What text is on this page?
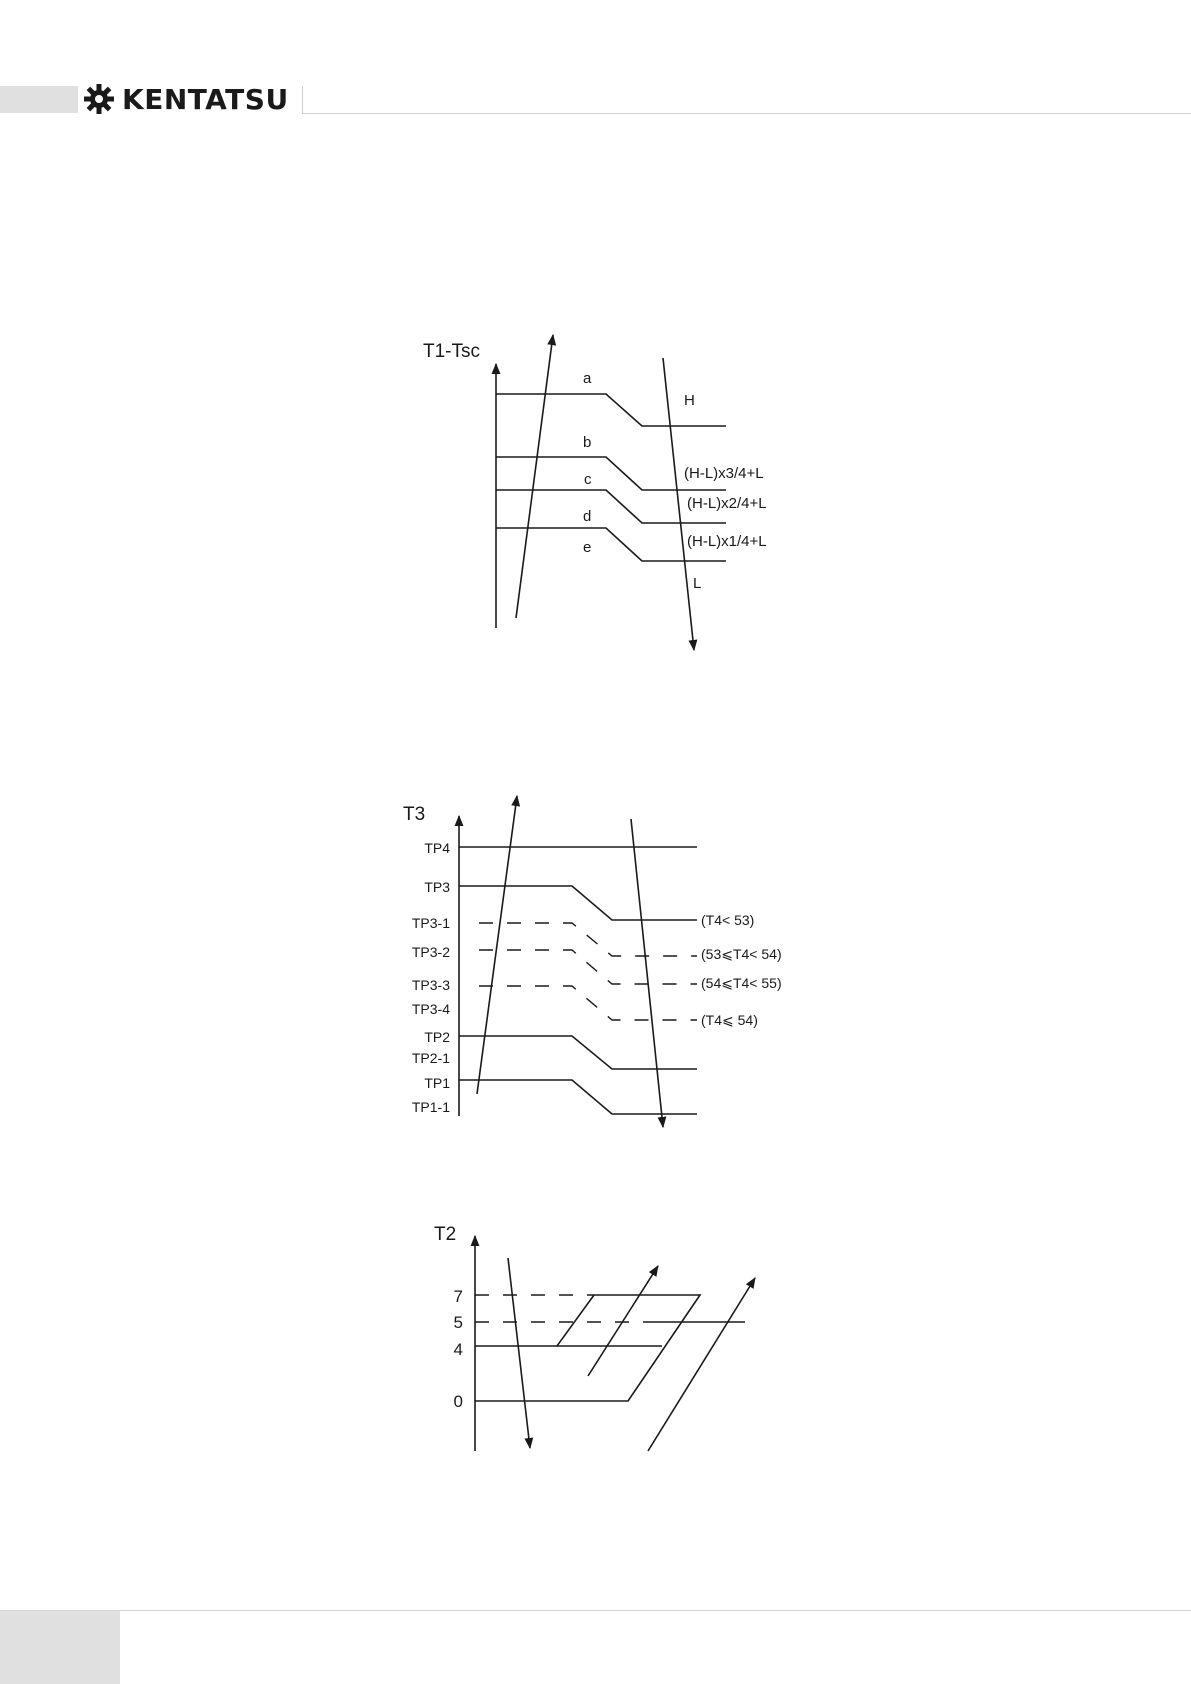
KENTATSU
T1-Tsc
a
b
c
d
e
H
(H-L)x3/4+L
(H-L)x2/4+L
(H-L)x1/4+L
L
T3
TP4
TP3
TP3-1
TP3-2
TP3-3
TP3-4
TP2
TP2-1
TP1
TP1-1
(T4< 53)
(53⩽T4< 54)
(54⩽T4< 55)
(T4⩽ 54)
T2
7
5
4
0
